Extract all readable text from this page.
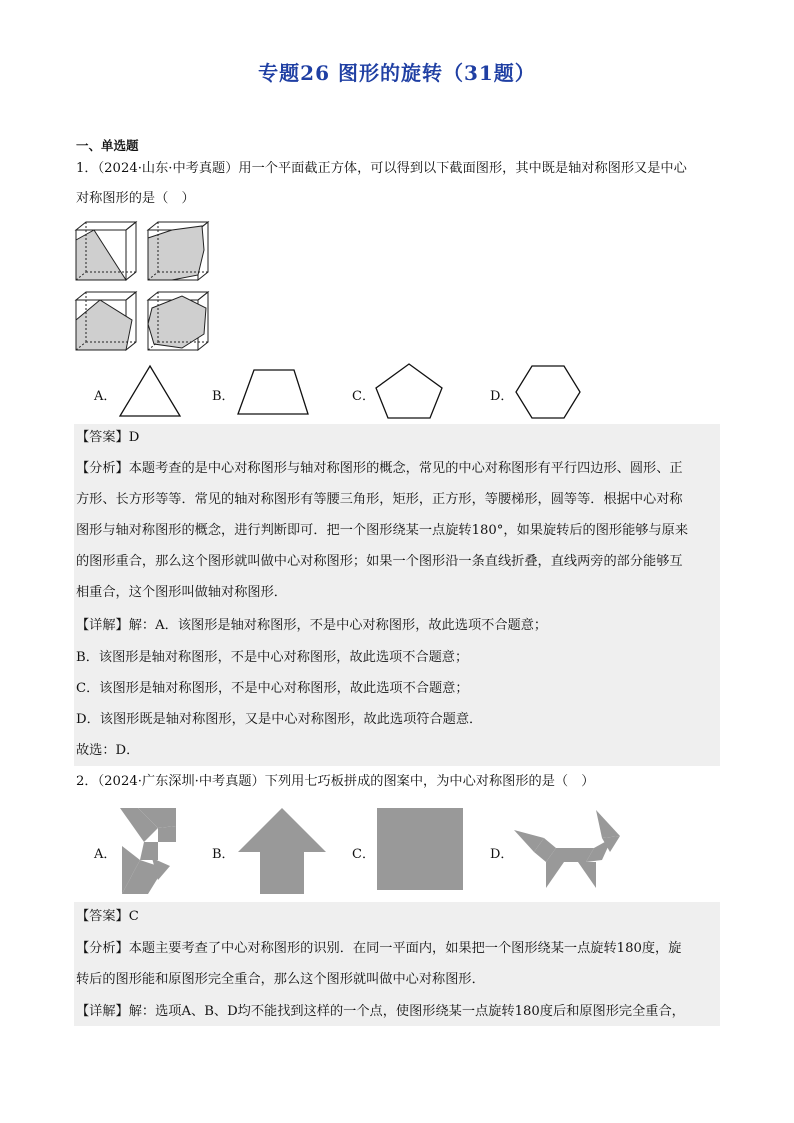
专题26 图形的旋转（31题）
一、单选题
1．（2024·山东·中考真题）用一个平面截正方体，可以得到以下截面图形，其中既是轴对称图形又是中心
对称图形的是（　）
A．	B．	C．	D．
【答案】D
【分析】本题考查的是中心对称图形与轴对称图形的概念，常见的中心对称图形有平行四边形、圆形、正
方形、长方形等等．常见的轴对称图形有等腰三角形，矩形，正方形，等腰梯形，圆等等．根据中心对称
图形与轴对称图形的概念，进行判断即可．把一个图形绕某一点旋转180°，如果旋转后的图形能够与原来
的图形重合，那么这个图形就叫做中心对称图形；如果一个图形沿一条直线折叠，直线两旁的部分能够互
相重合，这个图形叫做轴对称图形．
【详解】解：A．该图形是轴对称图形，不是中心对称图形，故此选项不合题意；
B．该图形是轴对称图形，不是中心对称图形，故此选项不合题意；
C．该图形是轴对称图形，不是中心对称图形，故此选项不合题意；
D．该图形既是轴对称图形，又是中心对称图形，故此选项符合题意．
故选：D．
2．（2024·广东深圳·中考真题）下列用七巧板拼成的图案中，为中心对称图形的是（　）
A．	B．	C．	D．
【答案】C
【分析】本题主要考查了中心对称图形的识别．在同一平面内，如果把一个图形绕某一点旋转180度，旋
转后的图形能和原图形完全重合，那么这个图形就叫做中心对称图形．
【详解】解：选项A、B、D均不能找到这样的一个点，使图形绕某一点旋转180度后和原图形完全重合，
